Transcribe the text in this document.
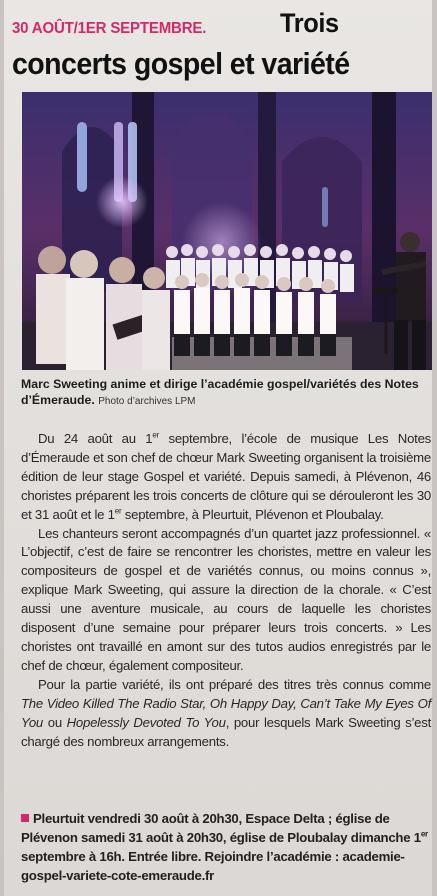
30 AOÛT/1ER SEPTEMBRE.	Trois
concerts gospel et variété
Marc Sweeting anime et dirige l’académie gospel/variétés des Notes d’Émeraude. Photo d’archives LPM

Du 24 août au 1er septembre, l’école de musique Les Notes d’Émeraude et son chef de chœur Mark Sweeting organisent la troisième édition de leur stage Gospel et variété. Depuis samedi, à Plévenon, 46 choristes préparent les trois concerts de clôture qui se dérouleront les 30 et 31 août et le 1er septembre, à Pleurtuit, Plévenon et Ploubalay.

Les chanteurs seront accompagnés d’un quartet jazz professionnel. « L’objectif, c’est de faire se rencontrer les choristes, mettre en valeur les compositeurs de gospel et de variétés connus, ou moins connus », explique Mark Sweeting, qui assure la direction de la chorale. « C’est aussi une aventure musicale, au cours de laquelle les choristes disposent d’une semaine pour préparer leurs trois concerts. » Les choristes ont travaillé en amont sur des tutos audios enregistrés par le chef de chœur, également compositeur.

Pour la partie variété, ils ont préparé des titres très connus comme The Video Killed The Radio Star, Oh Happy Day, Can’t Take My Eyes Of You ou Hopelessly Devoted To You, pour lesquels Mark Sweeting s’est chargé des nombreux arrangements.

Pleurtuit vendredi 30 août à 20h30, Espace Delta ; église de Plévenon samedi 31 août à 20h30, église de Ploubalay dimanche 1er septembre à 16h. Entrée libre. Rejoindre l’académie : academie-gospel-variete-cote-emeraude.fr
